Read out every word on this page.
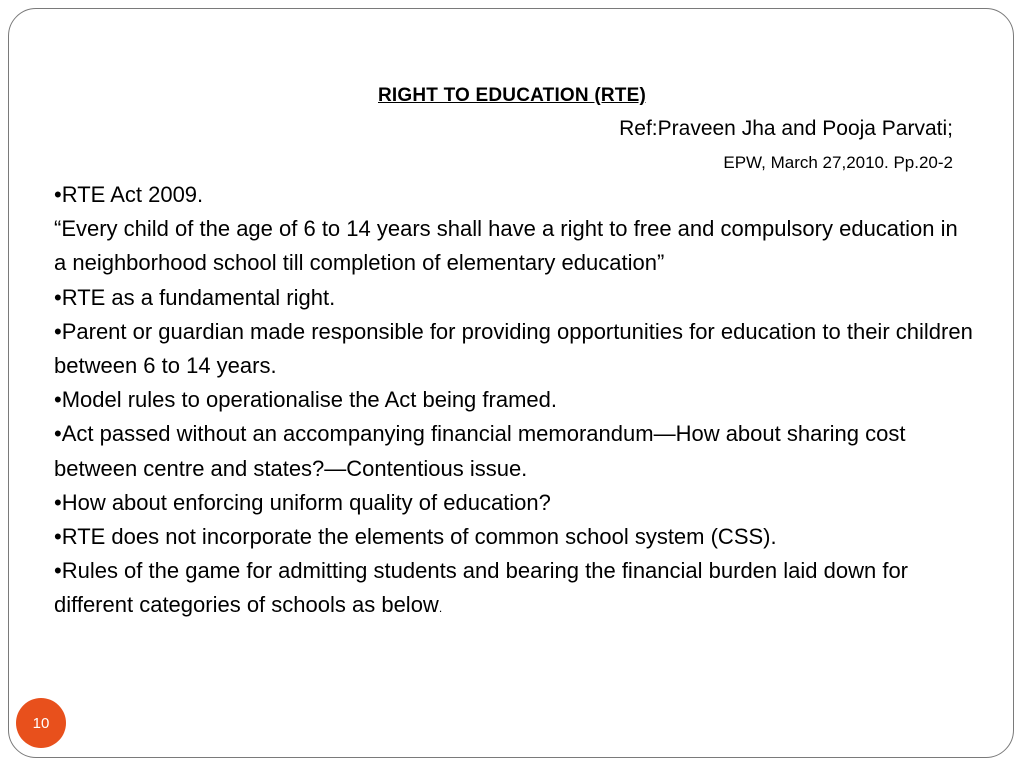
RIGHT TO EDUCATION (RTE)
Ref:Praveen Jha and Pooja Parvati;
EPW, March 27,2010. Pp.20-2

•RTE Act 2009.

“Every child of the age of 6 to 14 years shall have a right to free and compulsory education in a neighborhood school till completion of elementary education”

•RTE as a fundamental right.

•Parent or guardian made responsible for providing opportunities for education to their children between 6 to 14 years.

•Model rules to operationalise the Act being framed.

•Act passed without an accompanying financial memorandum—How about sharing cost between centre and states?—Contentious issue.

•How about enforcing uniform quality of education?

•RTE does not incorporate the elements of common school system (CSS).

•Rules of the game for admitting students and bearing the financial burden laid down for different categories of schools as below.

10
